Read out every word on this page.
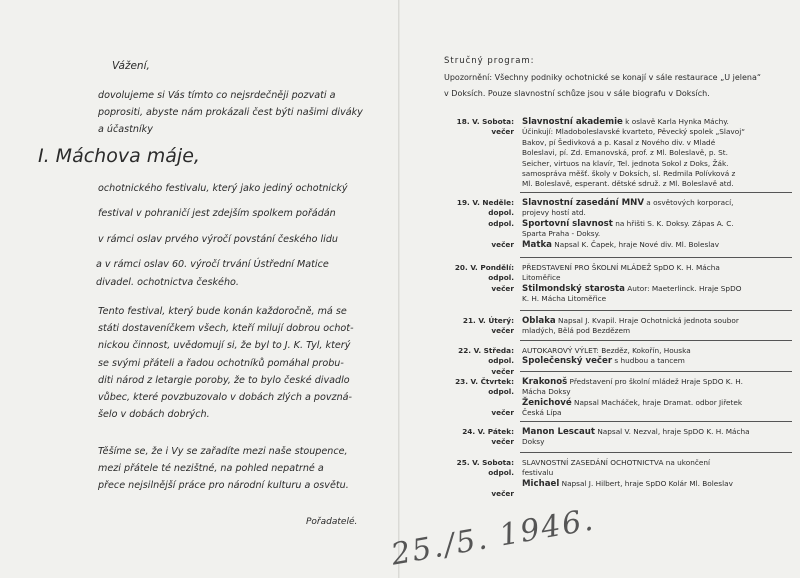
Vážení,
dovolujeme si Vás tímto co nejsrdečněji pozvati a
poprositi, abyste nám prokázali čest býti našimi diváky
a účastníky
I. Máchova máje,
ochotnického festivalu, který jako jediný ochotnický
festival v pohraničí jest zdejším spolkem pořádán
v rámci oslav prvého výročí povstání českého lidu
a v rámci oslav 60. výročí trvání Ústřední Matice
divadel. ochotnictva českého.
Tento festival, který bude konán každoročně, má se
státi dostaveníčkem všech, kteří milují dobrou ochot-
nickou činnost, uvědomují si, že byl to J. K. Tyl, který
se svými přáteli a řadou ochotníků pomáhal probu-
diti národ z letargie poroby, že to bylo české divadlo
vůbec, které povzbuzovalo v dobách zlých a povzná-
šelo v dobách dobrých.
Těšíme se, že i Vy se zařadíte mezi naše stoupence,
mezi přátele té nezištné, na pohled nepatrné a
přece nejsilnější práce pro národní kulturu a osvětu.
Pořadatelé.
Stručný program:
Upozornění: Všechny podniky ochotnické se konají v sále restaurace „U jelena“
v Doksích. Pouze slavnostní schůze jsou v sále biografu v Doksích.
18. V. Sobota:
večer
Slavnostní akademie k oslavě Karla Hynka Máchy.
Účinkují: Mladoboleslavské kvarteto, Pěvecký spolek „Slavoj“
Bakov, pí Šedivková a p. Kasal z Nového div. v Mladé
Boleslavi, pí. Zd. Emanovská, prof. z Ml. Boleslavě, p. St.
Seicher, virtuos na klavír, Tel. jednota Sokol z Doks, Žák.
samospráva měšť. školy v Doksích, sl. Redmila Polívková z
Ml. Boleslavě, esperant. dětské sdruž. z Ml. Boleslavě atd.
19. V. Neděle:
dopol.
odpol.
večer
Slavnostní zasedání MNV a osvětových korporací,
projevy hostí atd.
Sportovní slavnost na hřišti S. K. Doksy. Zápas A. C.
Sparta Praha - Doksy.
Matka Napsal K. Čapek, hraje Nové div. Ml. Boleslav
20. V. Pondělí:
odpol.
večer
PŘEDSTAVENÍ PRO ŠKOLNÍ MLÁDEŽ SpDO K. H. Mácha
Litoměřice
Stilmondský starosta Autor: Maeterlinck. Hraje SpDO
K. H. Mácha Litoměřice
21. V. Úterý:
večer
Oblaka Napsal J. Kvapil. Hraje Ochotnická jednota soubor
mladých, Bělá pod Bezdězem
22. V. Středa:
odpol.
večer
AUTOKAROVÝ VÝLET: Bezděz, Kokořín, Houska
Společenský večer s hudbou a tancem
23. V. Čtvrtek:
odpol.
večer
Krakonoš Představení pro školní mládež Hraje SpDO K. H.
Mácha Doksy
Ženichové Napsal Macháček, hraje Dramat. odbor Jiřetek
Česká Lípa
24. V. Pátek:
večer
Manon Lescaut Napsal V. Nezval, hraje SpDO K. H. Mácha
Doksy
25. V. Sobota:
odpol.
večer
SLAVNOSTNÍ ZASEDÁNÍ OCHOTNICTVA na ukončení
festivalu
Michael Napsal J. Hilbert, hraje SpDO Kolár Ml. Boleslav
25./5. 1946.
